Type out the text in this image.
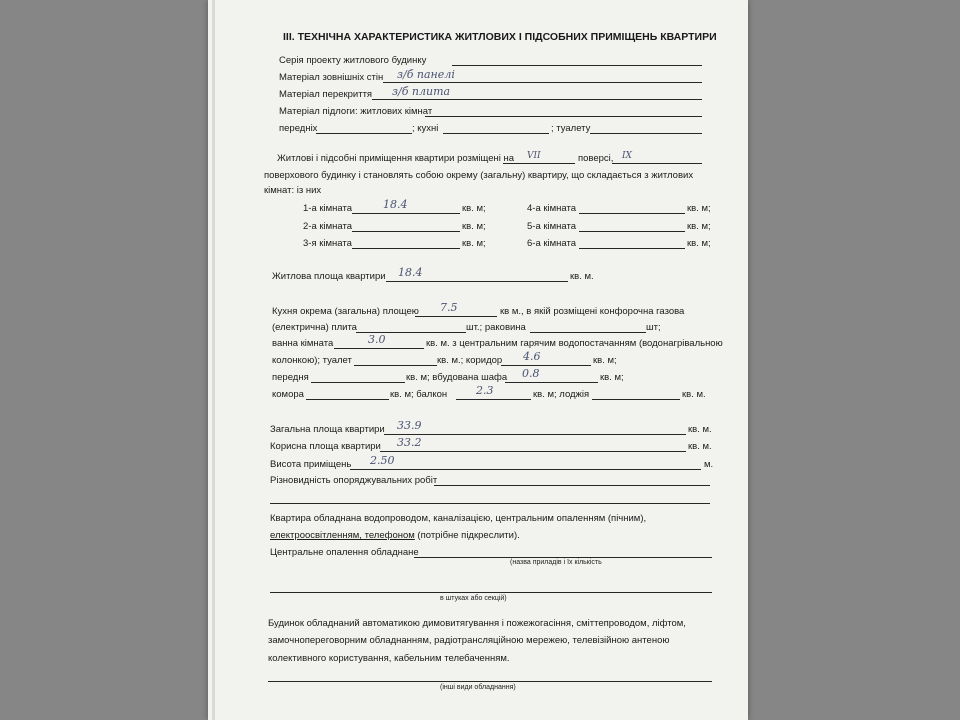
ІІІ. ТЕХНІЧНА ХАРАКТЕРИСТИКА ЖИТЛОВИХ І ПІДСОБНИХ ПРИМІЩЕНЬ КВАРТИРИ
Серія проекту житлового будинку
Матеріал зовнішніх стін з/б панелі
Матеріал перекриття з/б плита
Матеріал підлоги: житлових кімнат
передніх	; кухні	; туалету
Житлові і підсобні приміщення квартири розміщені на VII	поверсі, IX
поверхового будинку і становлять собою окрему (загальну) квартиру, що складається з житлових
кімнат: із них
1-а кімната	18.4	кв. м;
2-а кімната	кв. м;
3-я кімната	кв. м;
4-а кімната	кв. м;
5-а кімната	кв. м;
6-а кімната	кв. м;
Житлова площа квартири 18.4	кв. м.
Кухня окрема (загальна) площею 7.5	кв м., в якій розміщені конфорочна газова
(електрична) плита	шт.; раковина	шт;
ванна кімната	3.0	кв. м. з центральним гарячим водопостачанням (водонагрівальною
колонкою); туалет	кв. м.; коридор 4.6	кв. м;
передня	кв. м; вбудована шафа 0.8	кв. м;
комора	кв. м; балкон	2.3	кв. м; лоджія	кв. м.
Загальна площа квартири 33.9	кв. м.
Корисна площа квартири 33.2	кв. м.
Висота приміщень 2.50	м.
Різновидність опоряджувальних робіт
Квартира обладнана водопроводом, каналізацією, центральним опаленням (пічним),
електроосвітленням, телефоном (потрібне підкреслити).
Центральне опалення обладнане
(назва приладів і їх кількість
в штуках або секцій)
Будинок обладнаний автоматикою димовитягування і пожежогасіння, сміттепроводом, ліфтом,
замочнопереговорним обладнанням, радіотрансляційною мережею, телевізійною антеною
колективного користування, кабельним телебаченням.
(інші види обладнання)
